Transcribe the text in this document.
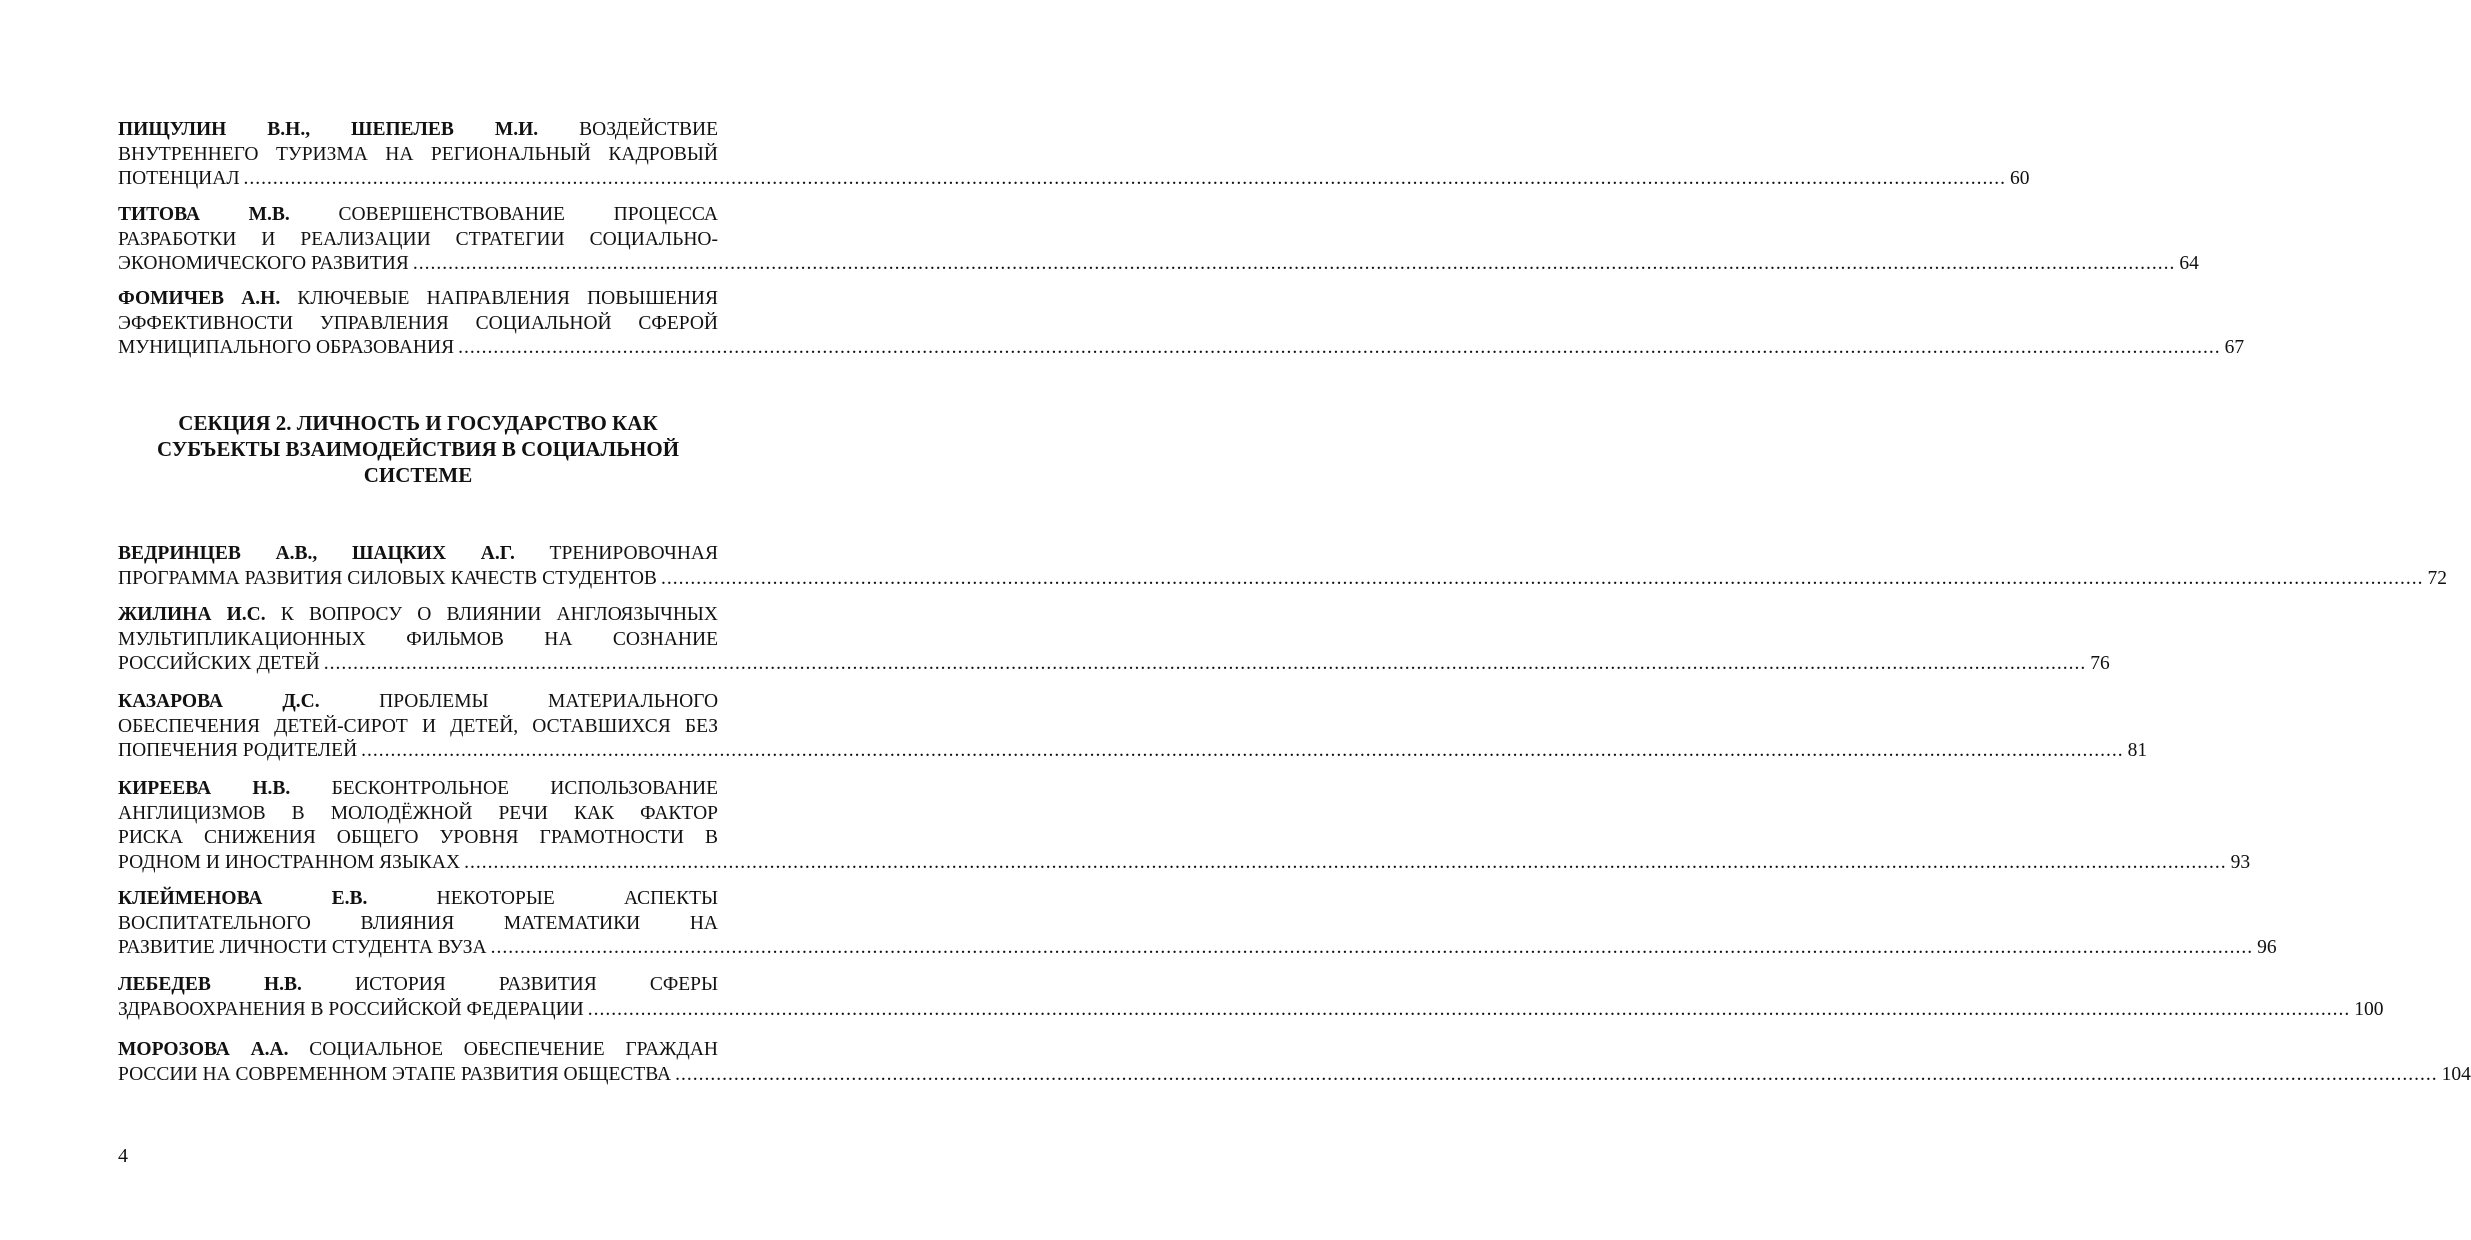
ПИЩУЛИН В.Н., ШЕПЕЛЕВ М.И. ВОЗДЕЙСТВИЕ
ВНУТРЕННЕГО ТУРИЗМА НА РЕГИОНАЛЬНЫЙ КАДРОВЫЙ
ПОТЕНЦИАЛ ............................................................................................................................................................................................................................................................................................................ 60
ТИТОВА М.В. СОВЕРШЕНСТВОВАНИЕ ПРОЦЕССА
РАЗРАБОТКИ И РЕАЛИЗАЦИИ СТРАТЕГИИ СОЦИАЛЬНО-
ЭКОНОМИЧЕСКОГО РАЗВИТИЯ ............................................................................................................................................................................................................................................................................................................ 64
ФОМИЧЕВ А.Н. КЛЮЧЕВЫЕ НАПРАВЛЕНИЯ ПОВЫШЕНИЯ
ЭФФЕКТИВНОСТИ УПРАВЛЕНИЯ СОЦИАЛЬНОЙ СФЕРОЙ
МУНИЦИПАЛЬНОГО ОБРАЗОВАНИЯ ............................................................................................................................................................................................................................................................................................................ 67
СЕКЦИЯ 2. ЛИЧНОСТЬ И ГОСУДАРСТВО КАК
СУБЪЕКТЫ ВЗАИМОДЕЙСТВИЯ В СОЦИАЛЬНОЙ
СИСТЕМЕ
ВЕДРИНЦЕВ А.В., ШАЦКИХ А.Г. ТРЕНИРОВОЧНАЯ
ПРОГРАММА РАЗВИТИЯ СИЛОВЫХ КАЧЕСТВ СТУДЕНТОВ ............................................................................................................................................................................................................................................................................................................ 72
ЖИЛИНА И.С. К ВОПРОСУ О ВЛИЯНИИ АНГЛОЯЗЫЧНЫХ
МУЛЬТИПЛИКАЦИОННЫХ ФИЛЬМОВ НА СОЗНАНИЕ
РОССИЙСКИХ ДЕТЕЙ ............................................................................................................................................................................................................................................................................................................ 76
КАЗАРОВА Д.С.	ПРОБЛЕМЫ МАТЕРИАЛЬНОГО
ОБЕСПЕЧЕНИЯ ДЕТЕЙ-СИРОТ И ДЕТЕЙ, ОСТАВШИХСЯ БЕЗ
ПОПЕЧЕНИЯ РОДИТЕЛЕЙ ............................................................................................................................................................................................................................................................................................................ 81
КИРЕЕВА Н.В. БЕСКОНТРОЛЬНОЕ ИСПОЛЬЗОВАНИЕ
АНГЛИЦИЗМОВ В МОЛОДЁЖНОЙ РЕЧИ КАК ФАКТОР
РИСКА СНИЖЕНИЯ ОБЩЕГО УРОВНЯ ГРАМОТНОСТИ В
РОДНОМ И ИНОСТРАННОМ ЯЗЫКАХ ............................................................................................................................................................................................................................................................................................................ 93
КЛЕЙМЕНОВА Е.В.	НЕКОТОРЫЕ АСПЕКТЫ
ВОСПИТАТЕЛЬНОГО ВЛИЯНИЯ МАТЕМАТИКИ НА
РАЗВИТИЕ ЛИЧНОСТИ СТУДЕНТА ВУЗА ............................................................................................................................................................................................................................................................................................................ 96
ЛЕБЕДЕВ Н.В.	ИСТОРИЯ РАЗВИТИЯ СФЕРЫ
ЗДРАВООХРАНЕНИЯ В РОССИЙСКОЙ ФЕДЕРАЦИИ ............................................................................................................................................................................................................................................................................................................ 100
МОРОЗОВА А.А. СОЦИАЛЬНОЕ ОБЕСПЕЧЕНИЕ ГРАЖДАН
РОССИИ НА СОВРЕМЕННОМ ЭТАПЕ РАЗВИТИЯ ОБЩЕСТВА ............................................................................................................................................................................................................................................................................................................ 104
4
